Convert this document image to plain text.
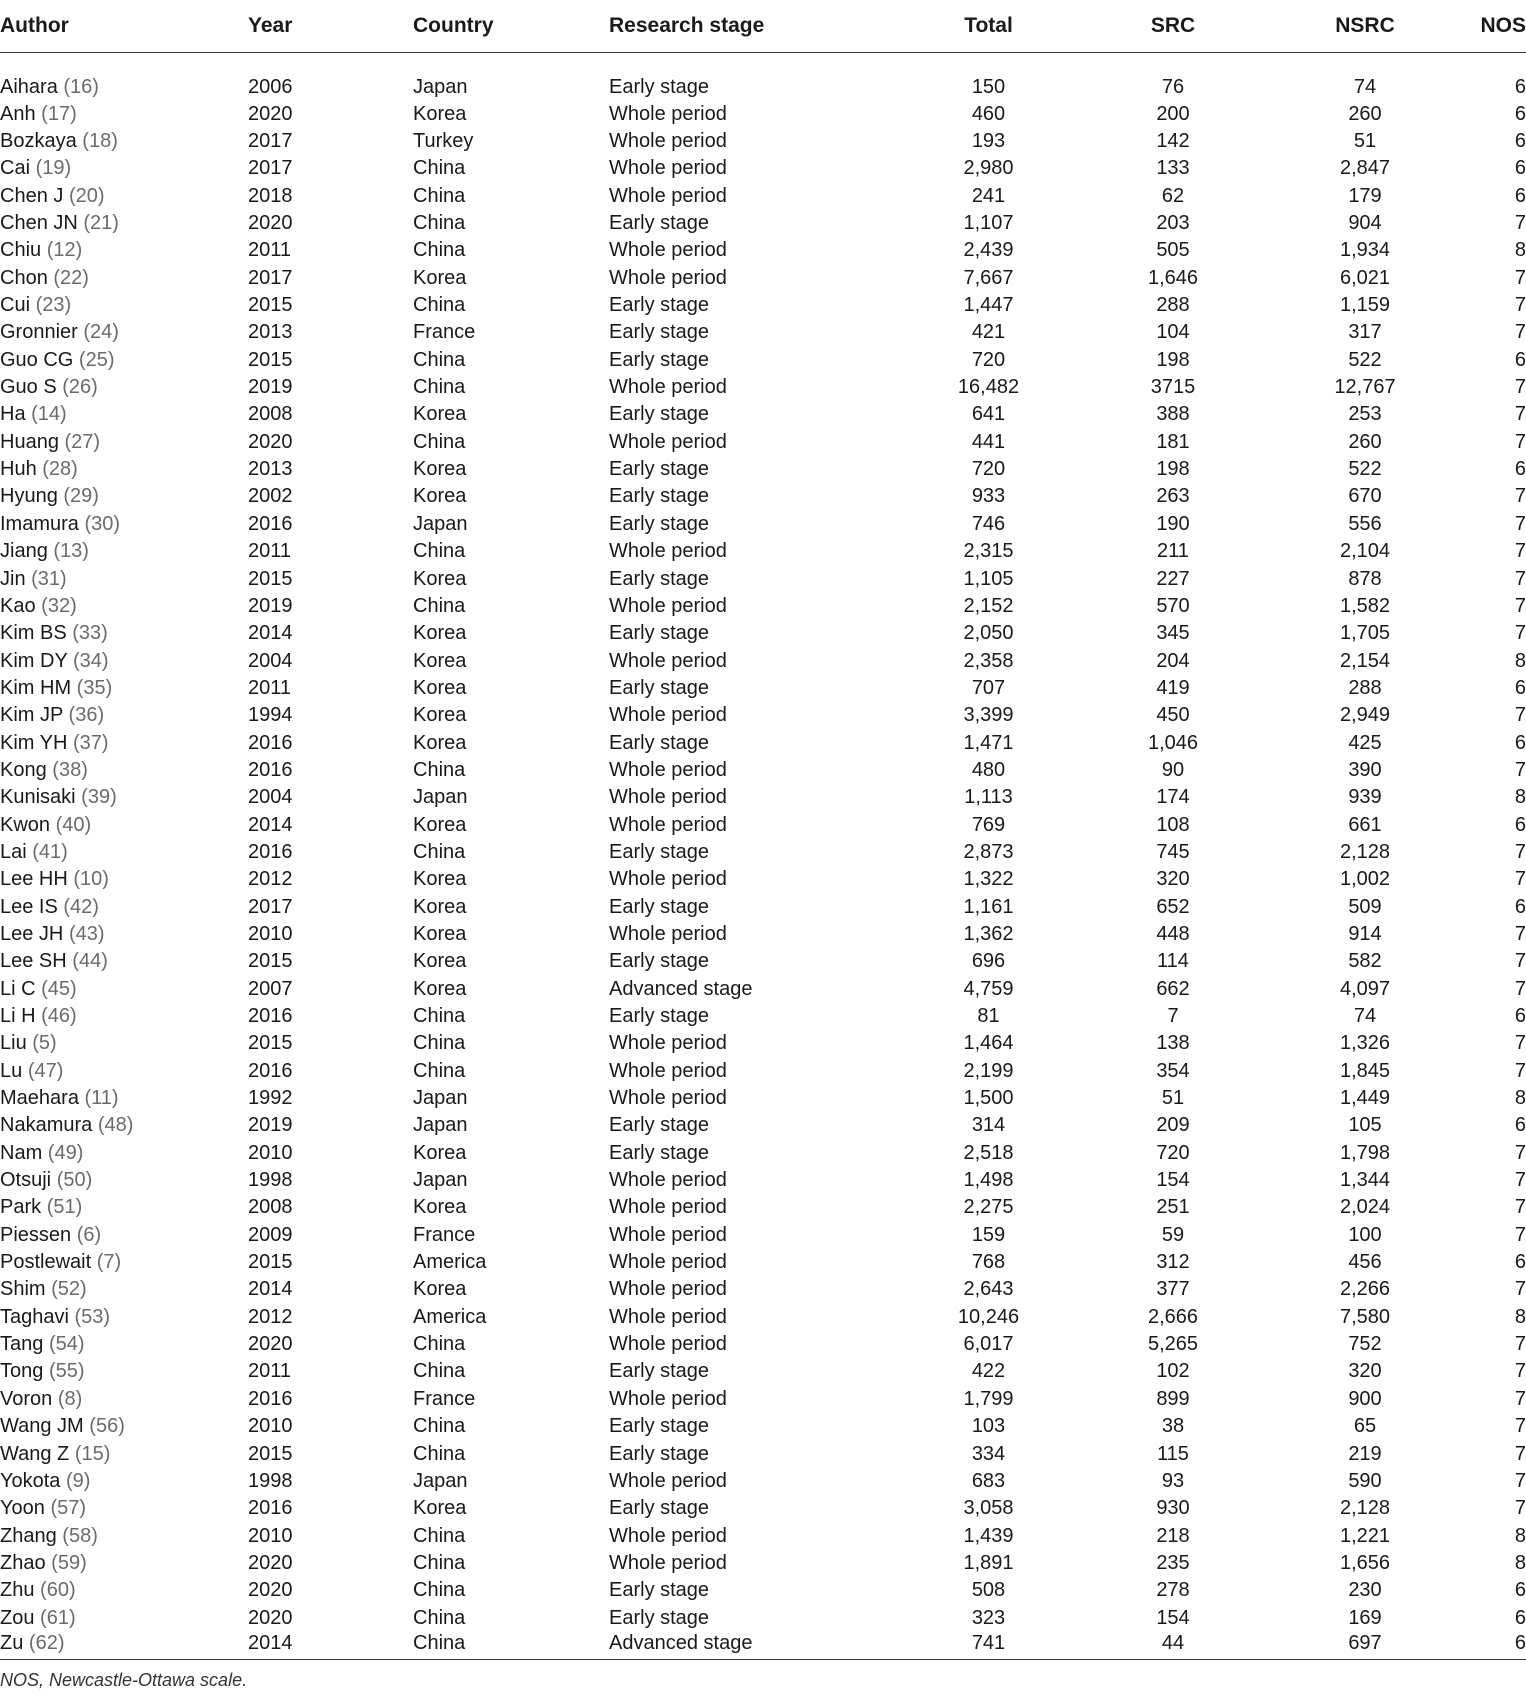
Author	Year	Country	Research stage	Total	SRC	NSRC	NOS
Aihara (16)	2006	Japan	Early stage	150	76	74	6
Anh (17)	2020	Korea	Whole period	460	200	260	6
Bozkaya (18)	2017	Turkey	Whole period	193	142	51	6
Cai (19)	2017	China	Whole period	2,980	133	2,847	6
Chen J (20)	2018	China	Whole period	241	62	179	6
Chen JN (21)	2020	China	Early stage	1,107	203	904	7
Chiu (12)	2011	China	Whole period	2,439	505	1,934	8
Chon (22)	2017	Korea	Whole period	7,667	1,646	6,021	7
Cui (23)	2015	China	Early stage	1,447	288	1,159	7
Gronnier (24)	2013	France	Early stage	421	104	317	7
Guo CG (25)	2015	China	Early stage	720	198	522	6
Guo S (26)	2019	China	Whole period	16,482	3715	12,767	7
Ha (14)	2008	Korea	Early stage	641	388	253	7
Huang (27)	2020	China	Whole period	441	181	260	7
Huh (28)	2013	Korea	Early stage	720	198	522	6
Hyung (29)	2002	Korea	Early stage	933	263	670	7
Imamura (30)	2016	Japan	Early stage	746	190	556	7
Jiang (13)	2011	China	Whole period	2,315	211	2,104	7
Jin (31)	2015	Korea	Early stage	1,105	227	878	7
Kao (32)	2019	China	Whole period	2,152	570	1,582	7
Kim BS (33)	2014	Korea	Early stage	2,050	345	1,705	7
Kim DY (34)	2004	Korea	Whole period	2,358	204	2,154	8
Kim HM (35)	2011	Korea	Early stage	707	419	288	6
Kim JP (36)	1994	Korea	Whole period	3,399	450	2,949	7
Kim YH (37)	2016	Korea	Early stage	1,471	1,046	425	6
Kong (38)	2016	China	Whole period	480	90	390	7
Kunisaki (39)	2004	Japan	Whole period	1,113	174	939	8
Kwon (40)	2014	Korea	Whole period	769	108	661	6
Lai (41)	2016	China	Early stage	2,873	745	2,128	7
Lee HH (10)	2012	Korea	Whole period	1,322	320	1,002	7
Lee IS (42)	2017	Korea	Early stage	1,161	652	509	6
Lee JH (43)	2010	Korea	Whole period	1,362	448	914	7
Lee SH (44)	2015	Korea	Early stage	696	114	582	7
Li C (45)	2007	Korea	Advanced stage	4,759	662	4,097	7
Li H (46)	2016	China	Early stage	81	7	74	6
Liu (5)	2015	China	Whole period	1,464	138	1,326	7
Lu (47)	2016	China	Whole period	2,199	354	1,845	7
Maehara (11)	1992	Japan	Whole period	1,500	51	1,449	8
Nakamura (48)	2019	Japan	Early stage	314	209	105	6
Nam (49)	2010	Korea	Early stage	2,518	720	1,798	7
Otsuji (50)	1998	Japan	Whole period	1,498	154	1,344	7
Park (51)	2008	Korea	Whole period	2,275	251	2,024	7
Piessen (6)	2009	France	Whole period	159	59	100	7
Postlewait (7)	2015	America	Whole period	768	312	456	6
Shim (52)	2014	Korea	Whole period	2,643	377	2,266	7
Taghavi (53)	2012	America	Whole period	10,246	2,666	7,580	8
Tang (54)	2020	China	Whole period	6,017	5,265	752	7
Tong (55)	2011	China	Early stage	422	102	320	7
Voron (8)	2016	France	Whole period	1,799	899	900	7
Wang JM (56)	2010	China	Early stage	103	38	65	7
Wang Z (15)	2015	China	Early stage	334	115	219	7
Yokota (9)	1998	Japan	Whole period	683	93	590	7
Yoon (57)	2016	Korea	Early stage	3,058	930	2,128	7
Zhang (58)	2010	China	Whole period	1,439	218	1,221	8
Zhao (59)	2020	China	Whole period	1,891	235	1,656	8
Zhu (60)	2020	China	Early stage	508	278	230	6
Zou (61)	2020	China	Early stage	323	154	169	6
Zu (62)	2014	China	Advanced stage	741	44	697	6
NOS, Newcastle-Ottawa scale.
